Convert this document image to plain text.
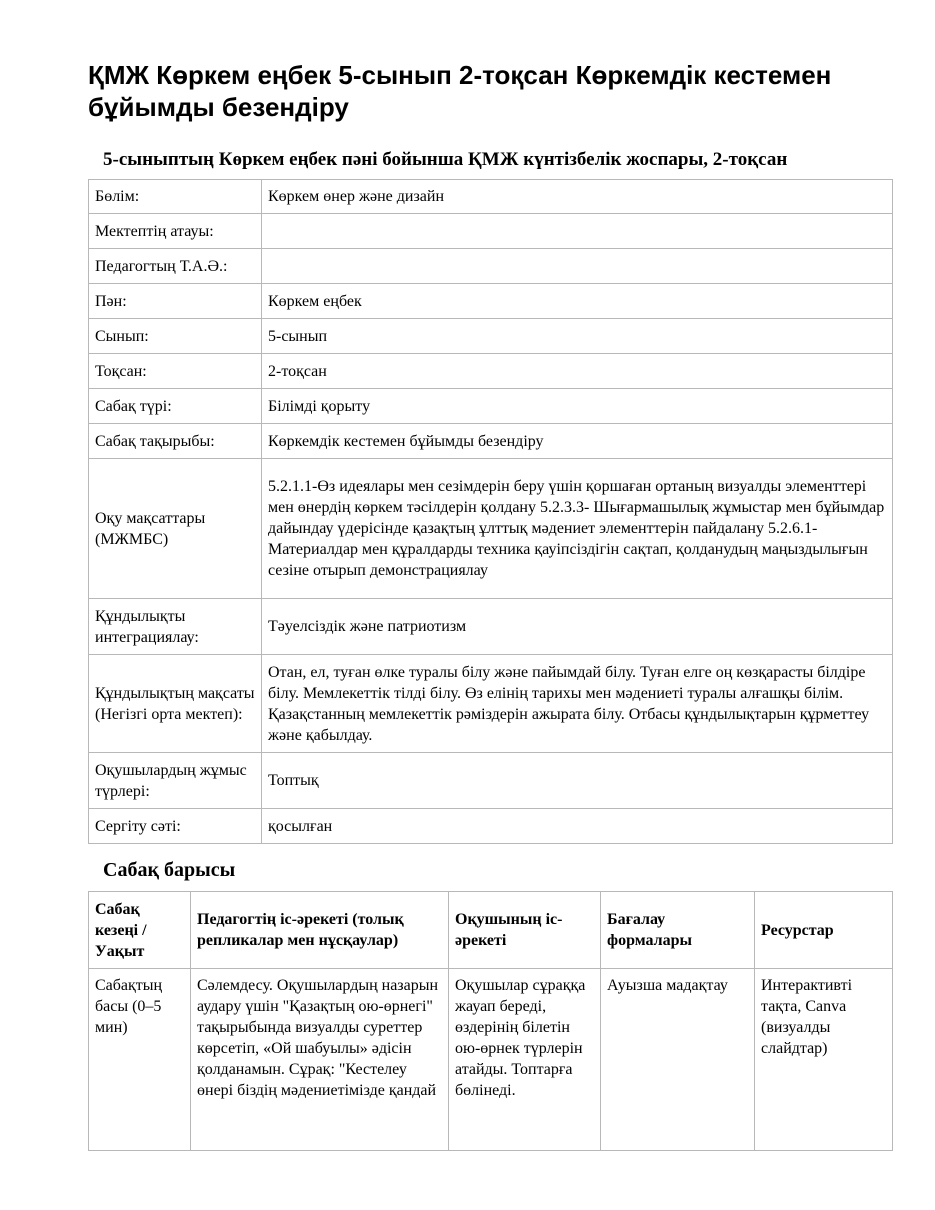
ҚМЖ Көркем еңбек 5-сынып 2-тоқсан Көркемдік кестемен бұйымды безендіру
5-сыныптың Көркем еңбек пәні бойынша ҚМЖ күнтізбелік жоспары, 2-тоқсан
Бөлім:	Көркем өнер және дизайн
Мектептің атауы:	
Педагогтың Т.А.Ә.:	
Пән:	Көркем еңбек
Сынып:	5-сынып
Тоқсан:	2-тоқсан
Сабақ түрі:	Білімді қорыту
Сабақ тақырыбы:	Көркемдік кестемен бұйымды безендіру
Оқу мақсаттары (МЖМБС)	5.2.1.1-Өз идеялары мен сезімдерін беру үшін қоршаған ортаның визуалды элементтері мен өнердің көркем тәсілдерін қолдану 5.2.3.3- Шығармашылық жұмыстар мен бұйымдар дайындау үдерісінде қазақтың ұлттық мәдениет элементтерін пайдалану 5.2.6.1-Материалдар мен құралдарды техника қауіпсіздігін сақтап, қолданудың маңыздылығын сезіне отырып демонстрациялау
Құндылықты интеграциялау:	Тәуелсіздік және патриотизм
Құндылықтың мақсаты (Негізгі орта мектеп):	Отан, ел, туған өлке туралы білу және пайымдай білу. Туған елге оң көзқарасты білдіре білу. Мемлекеттік тілді білу. Өз елінің тарихы мен мәдениеті туралы алғашқы білім. Қазақстанның мемлекеттік рәміздерін ажырата білу. Отбасы құндылықтарын құрметтеу және қабылдау.
Оқушылардың жұмыс түрлері:	Топтық
Сергіту сәті:	қосылған
Сабақ барысы
Сабақ кезеңі / Уақыт	Педагогтің іс-әрекеті (толық репликалар мен нұсқаулар)	Оқушының іс-әрекеті	Бағалау формалары	Ресурстар
Сабақтың басы (0–5 мин)	Сәлемдесу. Оқушылардың назарын аудару үшін "Қазақтың ою-өрнегі" тақырыбында визуалды суреттер көрсетіп, «Ой шабуылы» әдісін қолданамын. Сұрақ: "Кестелеу өнері біздің мәдениетімізде қандай	Оқушылар сұраққа жауап береді, өздерінің білетін ою-өрнек түрлерін атайды. Топтарға бөлінеді.	Ауызша мадақтау	Интерактивті тақта, Canva (визуалды слайдтар)
